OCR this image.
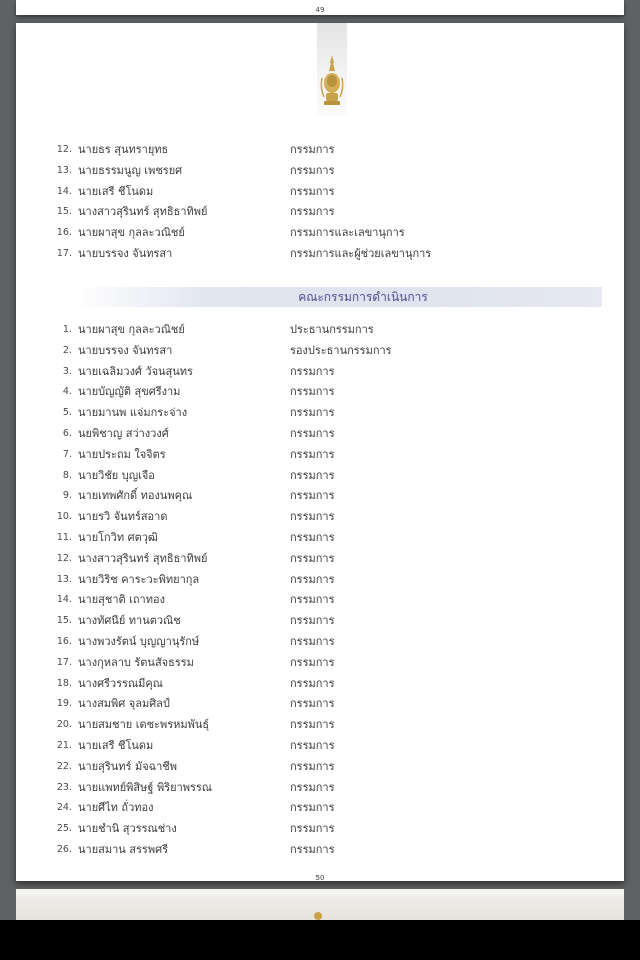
49
12. นายธร สุนทรายุทธ	กรรมการ
13. นายธรรมนูญ เพชรยศ	กรรมการ
14. นายเสรี ชีโนดม	กรรมการ
15. นางสาวสุรินทร์ สุทธิธาทิพย์	กรรมการ
16. นายผาสุข กุลละวณิชย์	กรรมการและเลขานุการ
17. นายบรรจง จันทรสา	กรรมการและผู้ช่วยเลขานุการ
คณะกรรมการดำเนินการ
1. นายผาสุข กุลละวณิชย์	ประธานกรรมการ
2. นายบรรจง จันทรสา	รองประธานกรรมการ
3. นายเฉลิมวงศ์ วัจนสุนทร	กรรมการ
4. นายบัญญัติ สุขศรีงาม	กรรมการ
5. นายมานพ แจ่มกระจ่าง	กรรมการ
6. นยพิชาญ สว่างวงศ์	กรรมการ
7. นายประถม ใจจิตร	กรรมการ
8. นายวิชัย บุญเจือ	กรรมการ
9. นายเทพศักดิ์ ทองนพคุณ	กรรมการ
10. นายรวิ จันทร์สอาด	กรรมการ
11. นายโกวิท ศตวุฒิ	กรรมการ
12. นางสาวสุรินทร์ สุทธิธาทิพย์	กรรมการ
13. นายวิริช คาระวะพิทยากุล	กรรมการ
14. นายสุชาติ เถาทอง	กรรมการ
15. นางทัศนีย์ ทานตวณิช	กรรมการ
16. นางพวงรัตน์ บุญญานุรักษ์	กรรมการ
17. นางกุหลาบ รัตนสัจธรรม	กรรมการ
18. นางศรีวรรณมีคุณ	กรรมการ
19. นางสมพิศ จุลมศิลป์	กรรมการ
20. นายสมชาย เดชะพรหมพันธุ์	กรรมการ
21. นายเสรี ชีโนดม	กรรมการ
22. นายสุรินทร์ มัจฉาชีพ	กรรมการ
23. นายแพทย์พิสิษฐ์ พิริยาพรรณ	กรรมการ
24. นายศีไท ถั่วทอง	กรรมการ
25. นายชำนิ สุวรรณช่าง	กรรมการ
26. นายสมาน สรรพศรี	กรรมการ
50
